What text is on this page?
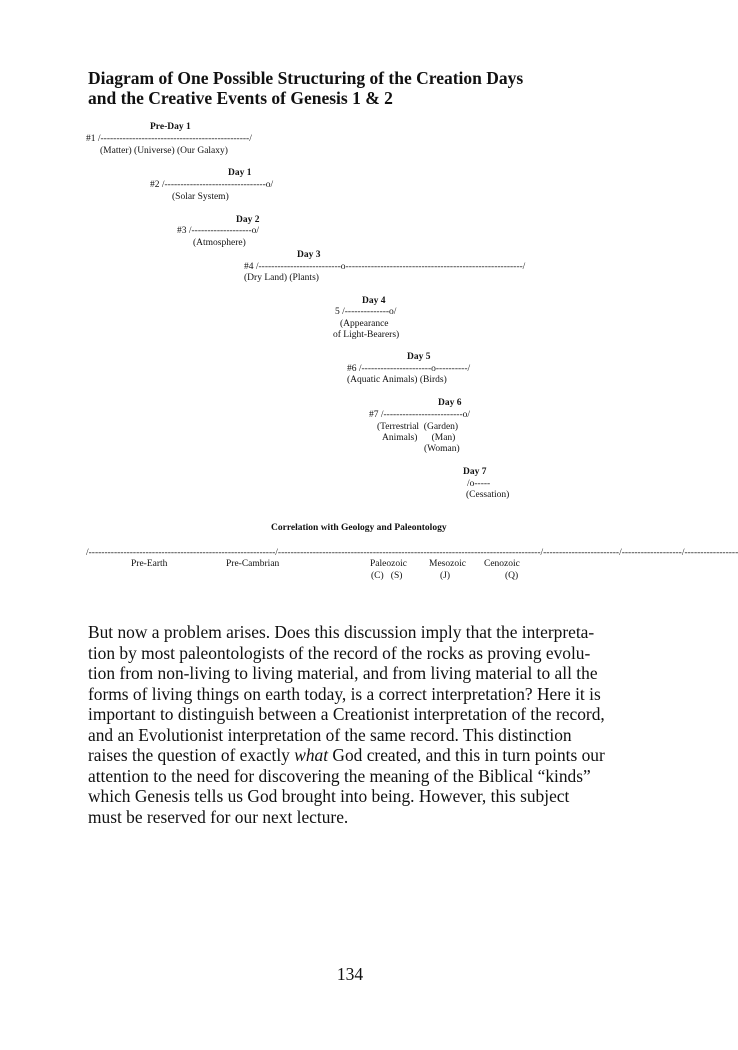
Diagram of One Possible Structuring of the Creation Days
and the Creative Events of Genesis 1 & 2
Pre-Day 1
#1 /-----------------------------------------------/
(Matter) (Universe) (Our Galaxy)
Day 1
#2 /--------------------------------o/
(Solar System)
Day 2
#3 /-------------------o/
(Atmosphere)
Day 3
#4 /--------------------------o--------------------------------------------------------/
(Dry Land) (Plants)
Day 4
5 /--------------o/
(Appearance
of Light-Bearers)
Day 5
#6 /----------------------o----------/
(Aquatic Animals) (Birds)
Day 6
#7 /-------------------------o/
(Terrestrial  (Garden)
Animals)      (Man)
(Woman)
Day 7
/o-----
(Cessation)
Correlation with Geology and Paleontology
/-----------------------------------------------------------/-----------------------------------------------------------------------------------/------------------------/-------------------/-----------------
Pre-Earth	Pre-Cambrian	Paleozoic Mesozoic Cenozoic
(C)   (S)	(J)	(Q)
But now a problem arises. Does this discussion imply that the interpreta-
tion by most paleontologists of the record of the rocks as proving evolu-
tion from non-living to living material, and from living material to all the
forms of living things on earth today, is a correct interpretation? Here it is
important to distinguish between a Creationist interpretation of the record,
and an Evolutionist interpretation of the same record. This distinction
raises the question of exactly what God created, and this in turn points our
attention to the need for discovering the meaning of the Biblical “kinds”
which Genesis tells us God brought into being. However, this subject
must be reserved for our next lecture.
134
